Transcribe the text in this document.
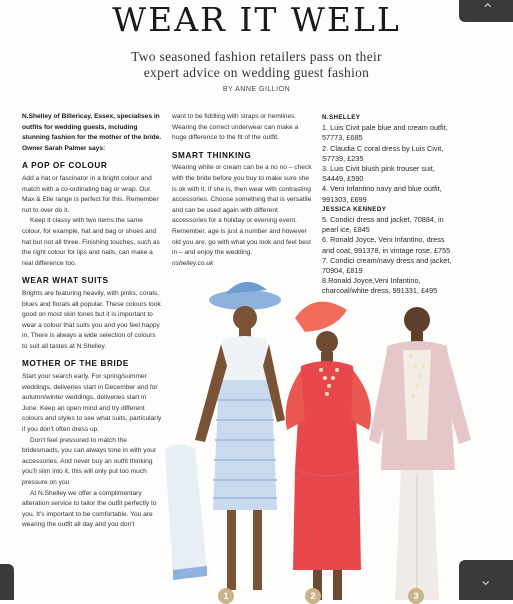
WEAR IT WELL
Two seasoned fashion retailers pass on their
expert advice on wedding guest fashion
BY ANNE GILLION

N.Shelley of Billericay, Essex, specialises in outfits for wedding guests, including stunning fashion for the mother of the bride. Owner Sarah Palmer says:

A POP OF COLOUR

Add a hat or fascinator in a bright colour and match with a co-ordinating bag or wrap. Our Max & Elle range is perfect for this. Remember not to over do it.

Keep it classy with two items the same colour, for example, hat and bag or shoes and hat but not all three. Finishing touches, such as the right colour for lips and nails, can make a real difference too.

WEAR WHAT SUITS

Brights are featuring heavily, with pinks, corals, blues and florals all popular. These colours look good on most skin tones but it is important to wear a colour that suits you and you feel happy in. There is always a wide selection of colours to suit all tastes at N.Shelley.

MOTHER OF THE BRIDE

Start your search early. For spring/summer weddings, deliveries start in December and for autumn/winter weddings, deliveries start in June. Keep an open mind and try different colours and styles to see what suits, particularly if you don't often dress up.

Don't feel pressured to match the bridesmaids, you can always tone in with your accessories. And never buy an outfit thinking you'll slim into it, this will only put too much pressure on you

At N.Shelley we offer a complimentary alteration service to tailor the outfit perfectly to you. It's important to be comfortable. You are wearing the outfit all day and you don't

want to be fiddling with straps or hemlines. Wearing the correct underwear can make a huge difference to the fit of the outfit.

SMART THINKING

Wearing white or cream can be a no no – check with the bride before you buy to make sure she is ok with it. If she is, then wear with contrasting accessories. Choose something that is versatile and can be used again with different accessories for a holiday or evening event. Remember, age is just a number and however old you are, go with what you look and feel best in – and enjoy the wedding.

nshelley.co.uk

N.SHELLEY
1. Luis Civit pale blue and cream outfit, 57773, £685
2. Claudia C coral dress by Luis Civit, S7739, £235
3. Luis Civit blush pink trouser suit, S4449, £590
4. Veni Infantino navy and blue outfit, 991303, £699
JESSICA KENNEDY
5. Condici dress and jacket, 70884, in pearl ice, £845
6. Ronald Joyce, Veni Infantino, dress and coat, 991378, in vintage rose, £755
7. Condici cream/navy dress and jacket, 70904, £819
8.Ronald Joyce,Veni Infantino, charcoal/white dress, 991331, £495
1	2	3
⌃
⌄
